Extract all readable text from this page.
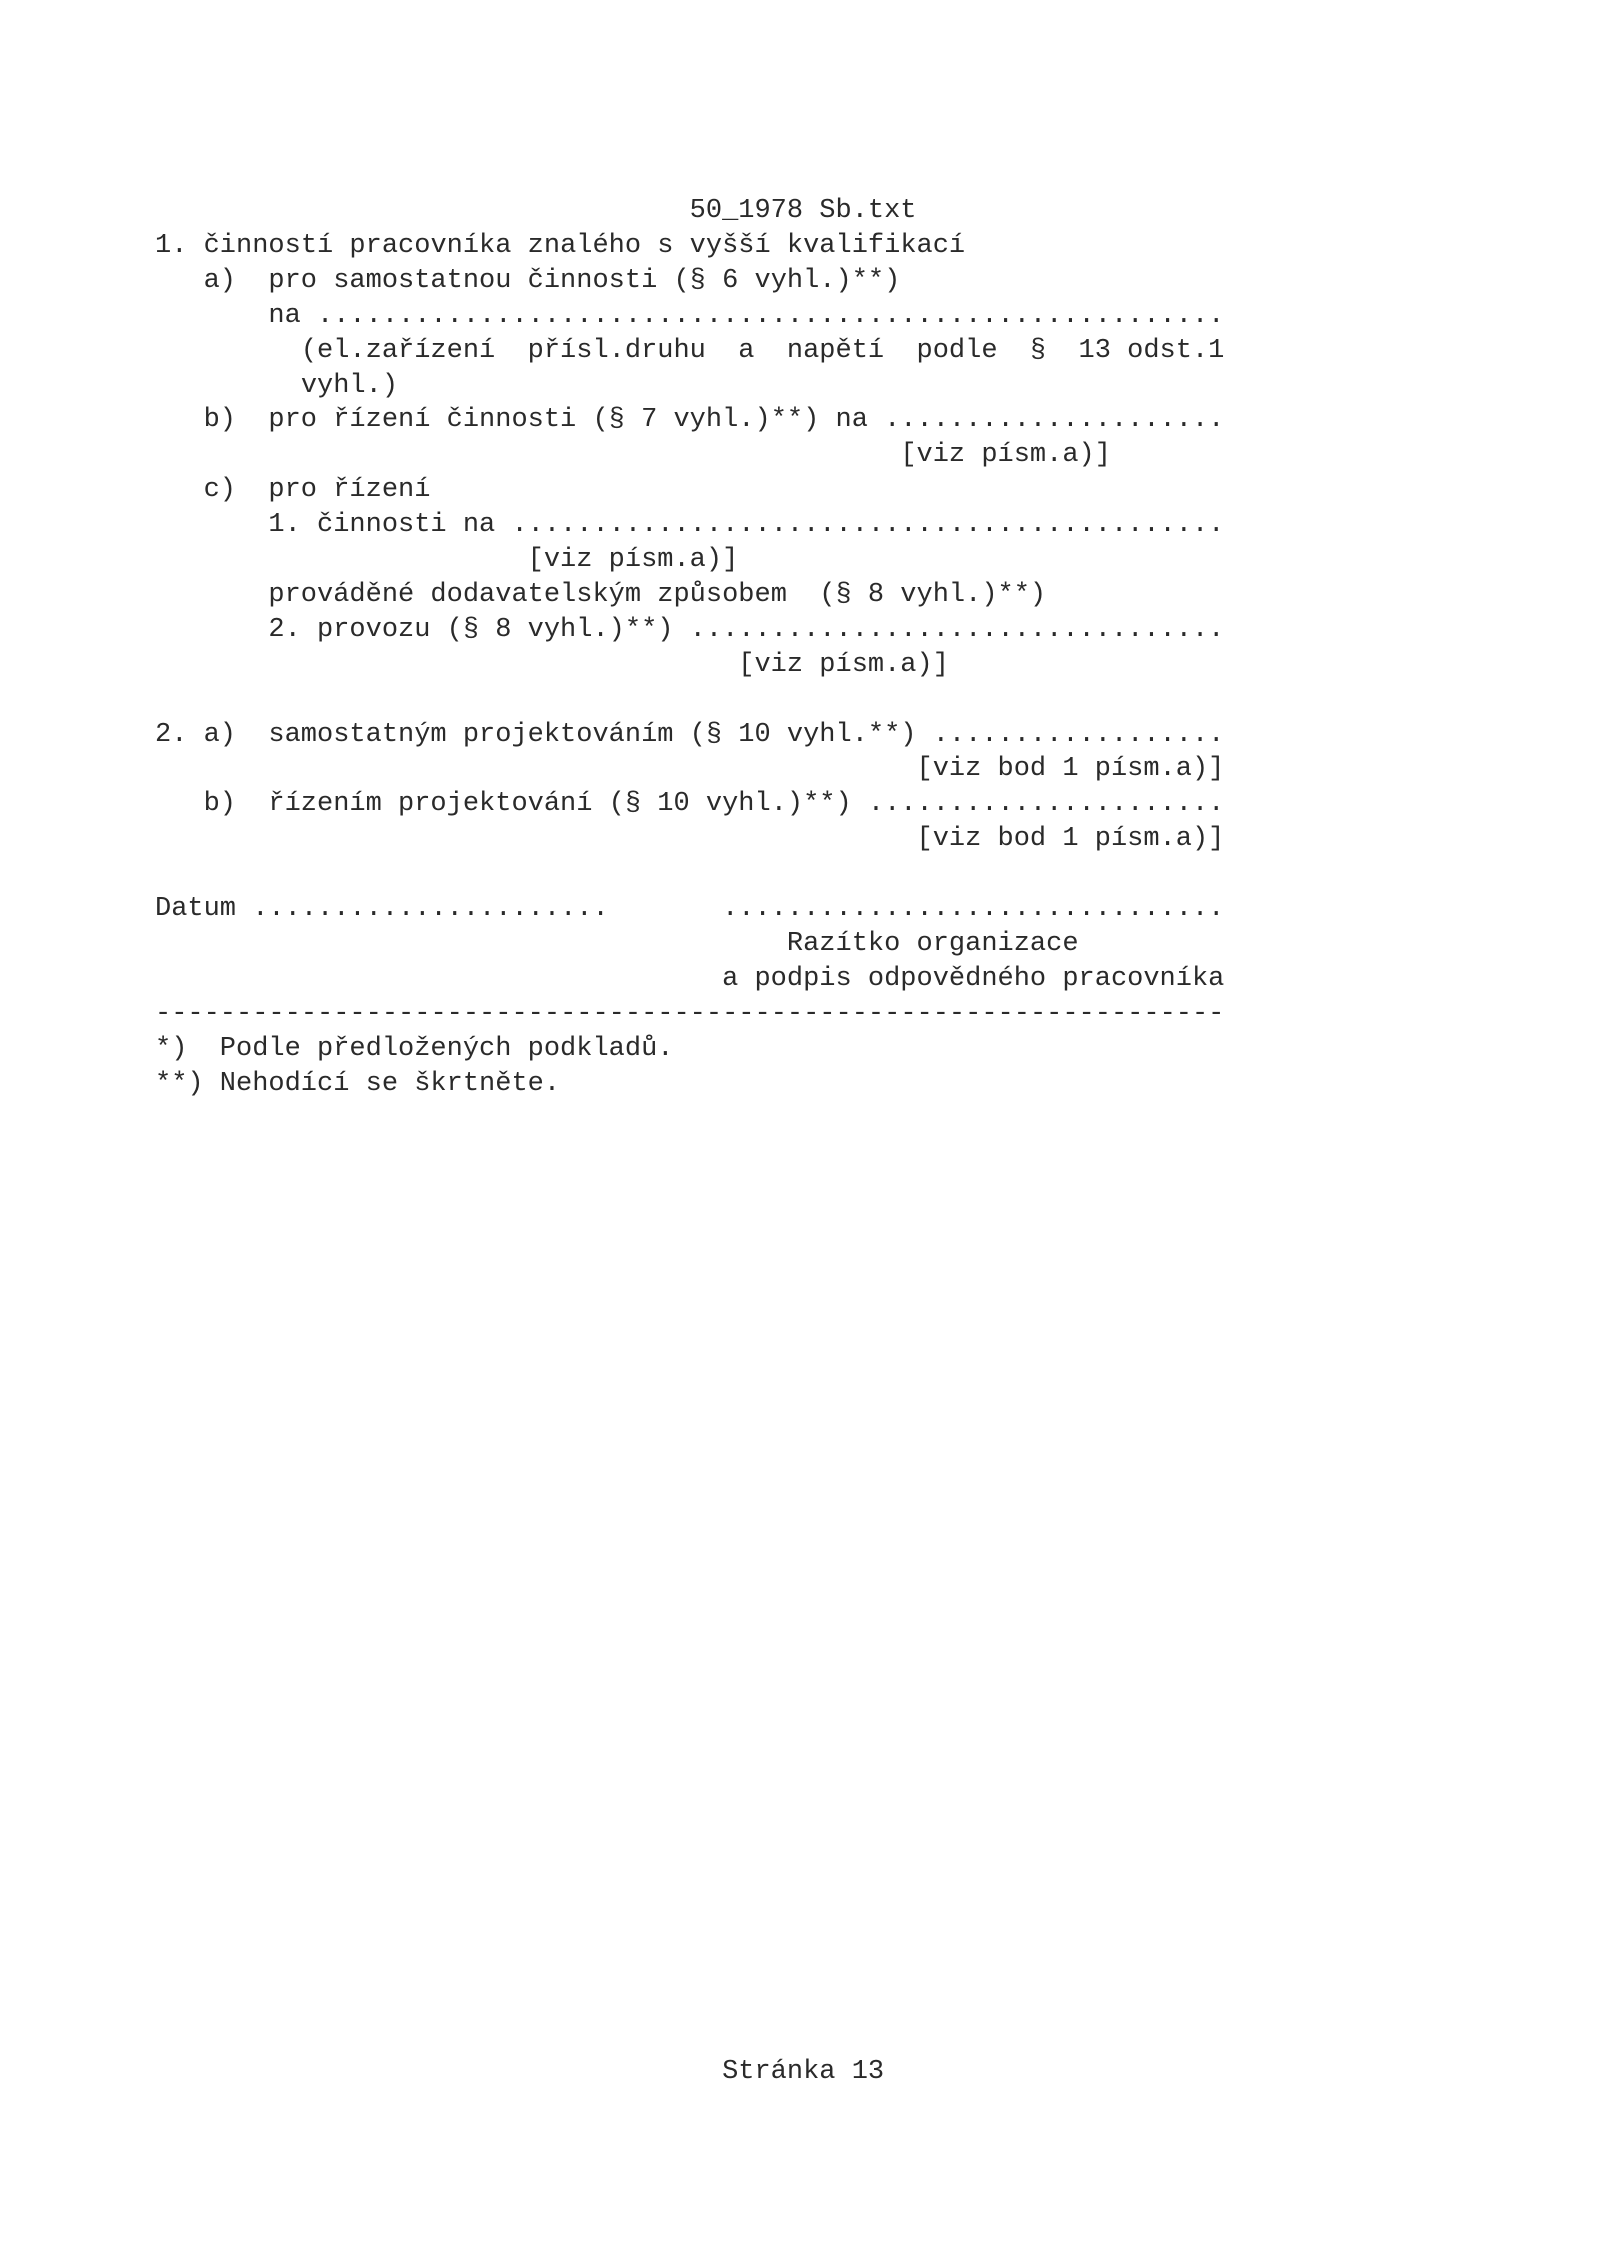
50_1978 Sb.txt
1. činností pracovníka znalého s vyšší kvalifikací
a) pro samostatnou činnosti (§ 6 vyhl.)**)
na ........................................................
(el.zařízení  přísl.druhu  a  napětí  podle  §  13 odst.1
vyhl.)
b) pro řízení činnosti (§ 7 vyhl.)**) na .....................
[viz písm.a)]
c) pro řízení
1. činnosti na ............................................
[viz písm.a)]
prováděné dodavatelským způsobem  (§ 8 vyhl.)**)
2. provozu (§ 8 vyhl.)**) .................................
[viz písm.a)]
2. a) samostatným projektováním (§ 10 vyhl.**) ..................
[viz bod 1 písm.a)]
b) řízením projektování (§ 10 vyhl.)**) ......................
[viz bod 1 písm.a)]
Datum ......................	...............................
Razítko organizace
a podpis odpovědného pracovníka
------------------------------------------------------------------
*) Podle předložených podkladů.
**) Nehodící se škrtněte.
Stránka 13
